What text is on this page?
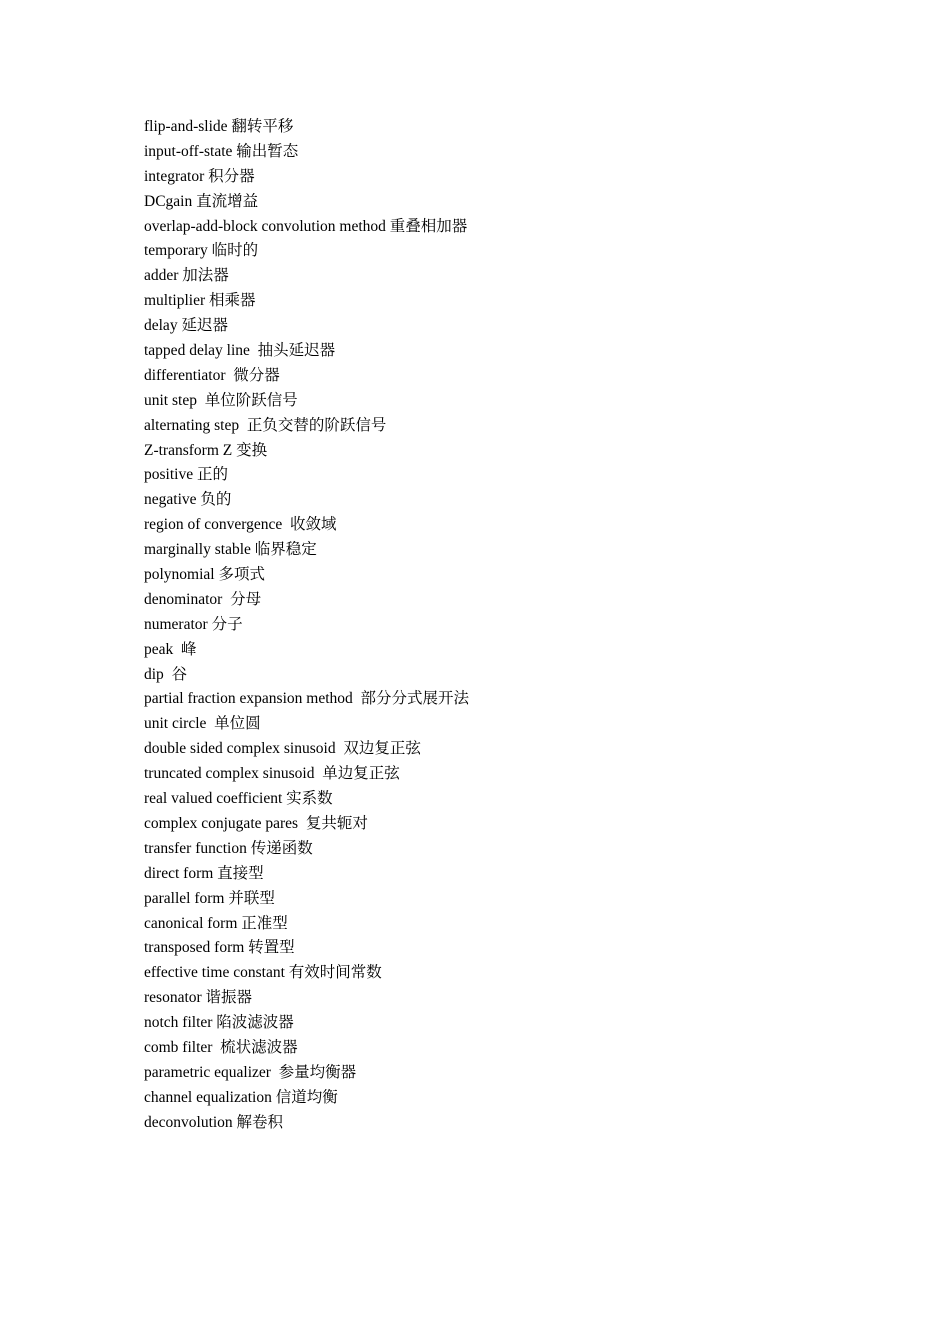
flip-and-slide 翻转平移
input-off-state 输出暂态
integrator 积分器
DCgain 直流增益
overlap-add-block convolution method 重叠相加器
temporary 临时的
adder 加法器
multiplier 相乘器
delay 延迟器
tapped delay line  抽头延迟器
differentiator  微分器
unit step  单位阶跃信号
alternating step  正负交替的阶跃信号
Z-transform Z 变换
positive 正的
negative 负的
region of convergence  收敛域
marginally stable 临界稳定
polynomial 多项式
denominator  分母
numerator 分子
peak  峰
dip  谷
partial fraction expansion method  部分分式展开法
unit circle  单位圆
double sided complex sinusoid  双边复正弦
truncated complex sinusoid  单边复正弦
real valued coefficient 实系数
complex conjugate pares  复共轭对
transfer function 传递函数
direct form 直接型
parallel form 并联型
canonical form 正准型
transposed form 转置型
effective time constant 有效时间常数
resonator 谐振器
notch filter 陷波滤波器
comb filter  梳状滤波器
parametric equalizer  参量均衡器
channel equalization 信道均衡
deconvolution 解卷积
